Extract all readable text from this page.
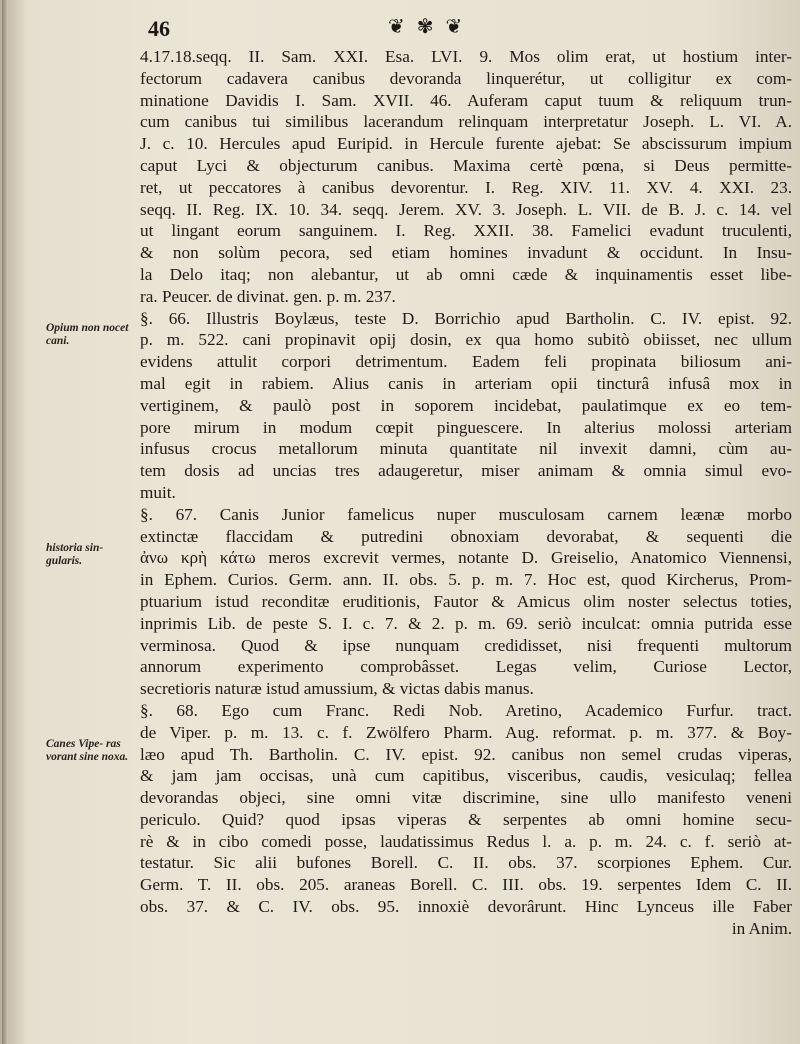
46	❦ ✾ ❦
Opium non nocet cani.
historia sin- gularis.
Canes Vipe- ras vorant sine noxa.
4.17.18.seqq. II. Sam. XXI. Esa. LVI. 9. Mos olim erat, ut hostium inter-
fectorum cadavera canibus devoranda linquerétur, ut colligitur ex com-
minatione Davidis I. Sam. XVII. 46. Auferam caput tuum & reliquum trun-
cum canibus tui similibus lacerandum relinquam interpretatur Joseph. L. VI. A.
J. c. 10. Hercules apud Euripid. in Hercule furente ajebat: Se abscissurum impium
caput Lyci & objecturum canibus. Maxima certè pœna, si Deus permitte-
ret, ut peccatores à canibus devorentur. I. Reg. XIV. 11. XV. 4. XXI. 23.
seqq. II. Reg. IX. 10. 34. seqq. Jerem. XV. 3. Joseph. L. VII. de B. J. c. 14. vel
ut lingant eorum sanguinem. I. Reg. XXII. 38. Famelici evadunt truculenti,
& non solùm pecora, sed etiam homines invadunt & occidunt. In Insu-
la Delo itaq; non alebantur, ut ab omni cæde & inquinamentis esset libe-
ra. Peucer. de divinat. gen. p. m. 237.
§. 66. Illustris Boylæus, teste D. Borrichio apud Bartholin. C. IV. epist. 92.
p. m. 522. cani propinavit opij dosin, ex qua homo subitò obiisset, nec ullum
evidens attulit corpori detrimentum. Eadem feli propinata biliosum ani-
mal egit in rabiem. Alius canis in arteriam opii tincturâ infusâ mox in
vertiginem, & paulò post in soporem incidebat, paulatimque ex eo tem-
pore mirum in modum cœpit pinguescere. In alterius molossi arteriam
infusus crocus metallorum minuta quantitate nil invexit damni, cùm au-
tem dosis ad uncias tres adaugeretur, miser animam & omnia simul evo-
muit.
§. 67. Canis Junior famelicus nuper musculosam carnem leænæ morbo
extinctæ flaccidam & putredini obnoxiam devorabat, & sequenti die
ἀνω κρὴ κάτω meros excrevit vermes, notante D. Greiselio, Anatomico Viennensi,
in Ephem. Curios. Germ. ann. II. obs. 5. p. m. 7. Hoc est, quod Kircherus, Prom-
ptuarium istud reconditæ eruditionis, Fautor & Amicus olim noster selectus toties,
inprimis Lib. de peste S. I. c. 7. & 2. p. m. 69. seriò inculcat: omnia putrida esse
verminosa. Quod & ipse nunquam credidisset, nisi frequenti multorum
annorum experimento comprobâsset. Legas velim, Curiose Lector,
secretioris naturæ istud amussium, & victas dabis manus.
§. 68. Ego cum Franc. Redi Nob. Aretino, Academico Furfur. tract.
de Viper. p. m. 13. c. f. Zwölfero Pharm. Aug. reformat. p. m. 377. & Boy-
læo apud Th. Bartholin. C. IV. epist. 92. canibus non semel crudas viperas,
& jam jam occisas, unà cum capitibus, visceribus, caudis, vesiculaq; fellea
devorandas objeci, sine omni vitæ discrimine, sine ullo manifesto veneni
periculo. Quid? quod ipsas viperas & serpentes ab omni homine secu-
rè & in cibo comedi posse, laudatissimus Redus l. a. p. m. 24. c. f. seriò at-
testatur. Sic alii bufones Borell. C. II. obs. 37. scorpiones Ephem. Cur.
Germ. T. II. obs. 205. araneas Borell. C. III. obs. 19. serpentes Idem C. II.
obs. 37. & C. IV. obs. 95. innoxiè devorârunt. Hinc Lynceus ille Faber
in Anim.
